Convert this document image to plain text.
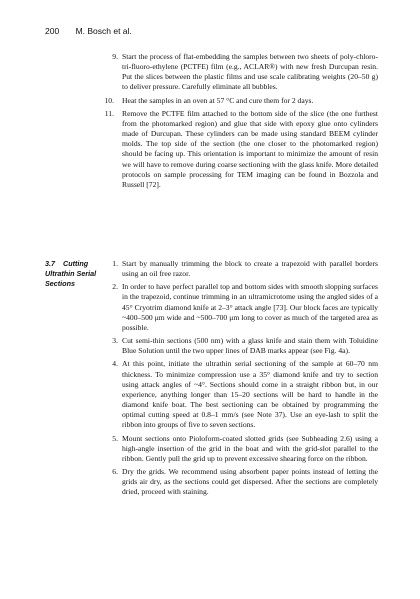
200 M. Bosch et al.
9. Start the process of flat-embedding the samples between two sheets of poly-chloro-tri-fluoro-ethylene (PCTFE) film (e.g., ACLAR®) with new fresh Durcupan resin. Put the slices between the plastic films and use scale calibrating weights (20–50 g) to deliver pressure. Carefully eliminate all bubbles.
10. Heat the samples in an oven at 57 °C and cure them for 2 days.
11. Remove the PCTFE film attached to the bottom side of the slice (the one furthest from the photomarked region) and glue that side with epoxy glue onto cylinders made of Durcupan. These cylinders can be made using standard BEEM cylinder molds. The top side of the section (the one closer to the photomarked region) should be facing up. This orientation is important to minimize the amount of resin we will have to remove during coarse sectioning with the glass knife. More detailed protocols on sample processing for TEM imaging can be found in Bozzola and Russell [72].
3.7 Cutting Ultrathin Serial Sections
1. Start by manually trimming the block to create a trapezoid with parallel borders using an oil free razor.
2. In order to have perfect parallel top and bottom sides with smooth slopping surfaces in the trapezoid, continue trimming in an ultramicrotome using the angled sides of a 45° Cryotrim diamond knife at 2–3° attack angle [73]. Our block faces are typically ~400–500 μm wide and ~500–700 μm long to cover as much of the targeted area as possible.
3. Cut semi-thin sections (500 nm) with a glass knife and stain them with Toluidine Blue Solution until the two upper lines of DAB marks appear (see Fig. 4a).
4. At this point, initiate the ultrathin serial sectioning of the sample at 60–70 nm thickness. To minimize compression use a 35° diamond knife and try to section using attack angles of ~4°. Sections should come in a straight ribbon but, in our experience, anything longer than 15–20 sections will be hard to handle in the diamond knife boat. The best sectioning can be obtained by programming the optimal cutting speed at 0.8–1 mm/s (see Note 37). Use an eye-lash to split the ribbon into groups of five to seven sections.
5. Mount sections onto Pioloform-coated slotted grids (see Subheading 2.6) using a high-angle insertion of the grid in the boat and with the grid-slot parallel to the ribbon. Gently pull the grid up to prevent excessive shearing force on the ribbon.
6. Dry the grids. We recommend using absorbent paper points instead of letting the grids air dry, as the sections could get dispersed. After the sections are completely dried, proceed with staining.
